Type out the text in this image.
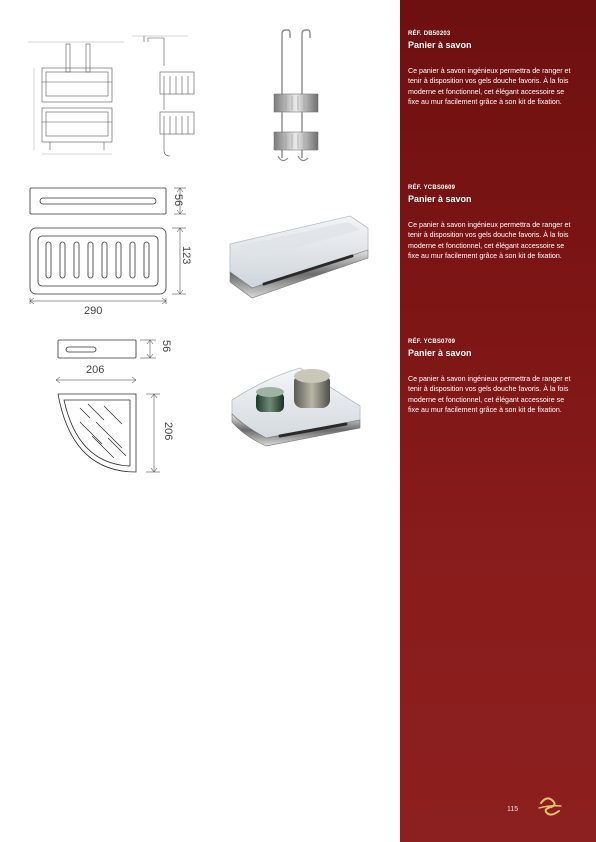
56
123
290
56
206
206

RÉF. DB50203

Panier à savon

Ce panier à savon ingénieux permettra de ranger et tenir à disposition vos gels douche favoris. À la fois moderne et fonctionnel, cet élégant accessoire se fixe au mur facilement grâce à son kit de fixation.

RÉF. YCBS0609

Panier à savon

Ce panier à savon ingénieux permettra de ranger et tenir à disposition vos gels douche favoris. À la fois moderne et fonctionnel, cet élégant accessoire se fixe au mur facilement grâce à son kit de fixation.

RÉF. YCBS0709

Panier à savon

Ce panier à savon ingénieux permettra de ranger et tenir à disposition vos gels douche favoris. À la fois moderne et fonctionnel, cet élégant accessoire se fixe au mur facilement grâce à son kit de fixation.

115
